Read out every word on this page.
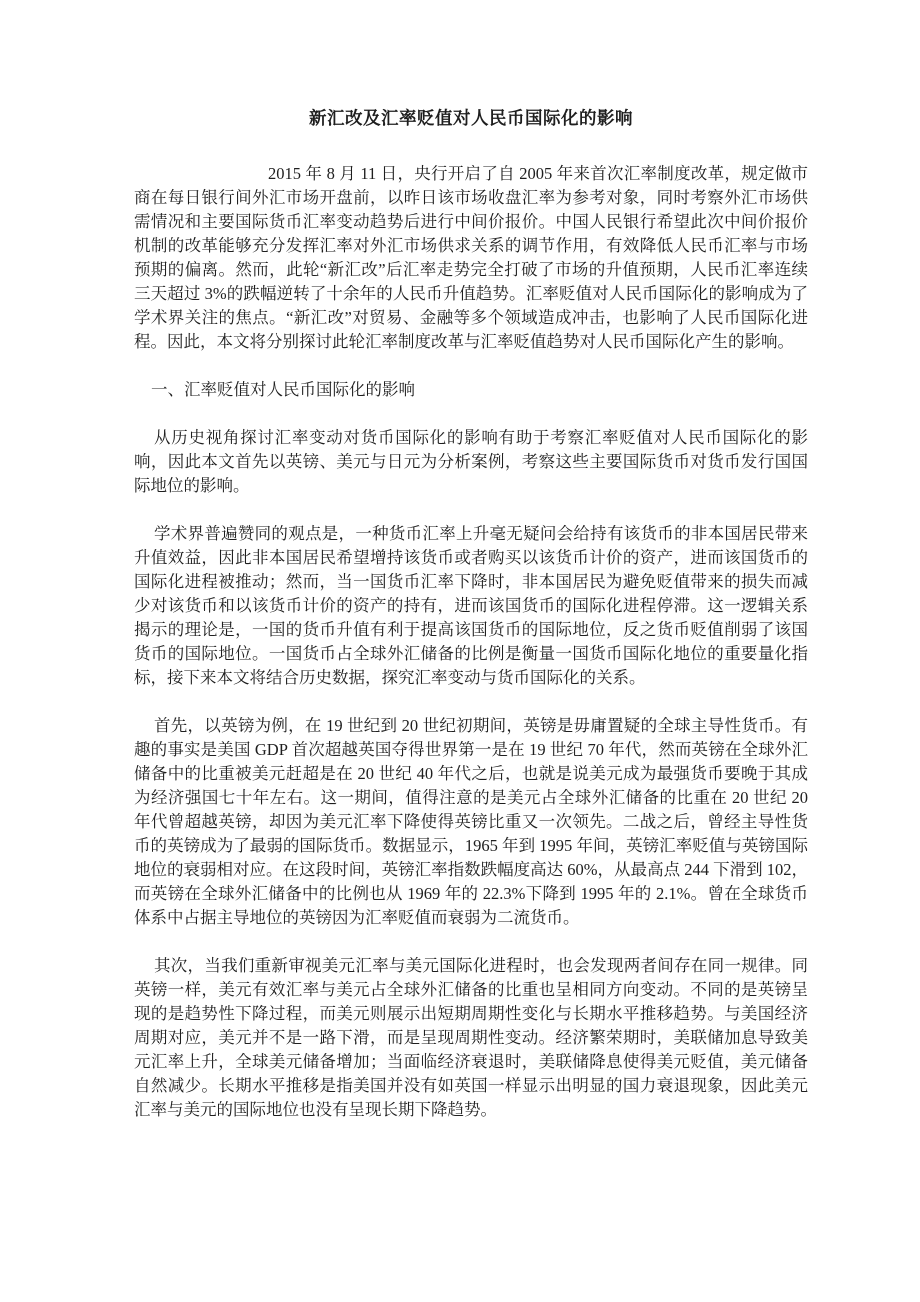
新汇改及汇率贬值对人民币国际化的影响

2015 年 8 月 11 日，央行开启了自 2005 年来首次汇率制度改革，规定做市商在每日银行间外汇市场开盘前，以昨日该市场收盘汇率为参考对象，同时考察外汇市场供需情况和主要国际货币汇率变动趋势后进行中间价报价。中国人民银行希望此次中间价报价机制的改革能够充分发挥汇率对外汇市场供求关系的调节作用，有效降低人民币汇率与市场预期的偏离。然而，此轮“新汇改”后汇率走势完全打破了市场的升值预期，人民币汇率连续三天超过 3%的跌幅逆转了十余年的人民币升值趋势。汇率贬值对人民币国际化的影响成为了学术界关注的焦点。“新汇改”对贸易、金融等多个领域造成冲击，也影响了人民币国际化进程。因此，本文将分别探讨此轮汇率制度改革与汇率贬值趋势对人民币国际化产生的影响。

一、汇率贬值对人民币国际化的影响

从历史视角探讨汇率变动对货币国际化的影响有助于考察汇率贬值对人民币国际化的影响，因此本文首先以英镑、美元与日元为分析案例，考察这些主要国际货币对货币发行国国际地位的影响。

学术界普遍赞同的观点是，一种货币汇率上升毫无疑问会给持有该货币的非本国居民带来升值效益，因此非本国居民希望增持该货币或者购买以该货币计价的资产，进而该国货币的国际化进程被推动；然而，当一国货币汇率下降时，非本国居民为避免贬值带来的损失而减少对该货币和以该货币计价的资产的持有，进而该国货币的国际化进程停滞。这一逻辑关系揭示的理论是，一国的货币升值有利于提高该国货币的国际地位，反之货币贬值削弱了该国货币的国际地位。一国货币占全球外汇储备的比例是衡量一国货币国际化地位的重要量化指标，接下来本文将结合历史数据，探究汇率变动与货币国际化的关系。

首先，以英镑为例，在 19 世纪到 20 世纪初期间，英镑是毋庸置疑的全球主导性货币。有趣的事实是美国 GDP 首次超越英国夺得世界第一是在 19 世纪 70 年代，然而英镑在全球外汇储备中的比重被美元赶超是在 20 世纪 40 年代之后，也就是说美元成为最强货币要晚于其成为经济强国七十年左右。这一期间，值得注意的是美元占全球外汇储备的比重在 20 世纪 20 年代曾超越英镑，却因为美元汇率下降使得英镑比重又一次领先。二战之后，曾经主导性货币的英镑成为了最弱的国际货币。数据显示，1965 年到 1995 年间，英镑汇率贬值与英镑国际地位的衰弱相对应。在这段时间，英镑汇率指数跌幅度高达 60%，从最高点 244 下滑到 102，而英镑在全球外汇储备中的比例也从 1969 年的 22.3%下降到 1995 年的 2.1%。曾在全球货币体系中占据主导地位的英镑因为汇率贬值而衰弱为二流货币。

其次，当我们重新审视美元汇率与美元国际化进程时，也会发现两者间存在同一规律。同英镑一样，美元有效汇率与美元占全球外汇储备的比重也呈相同方向变动。不同的是英镑呈现的是趋势性下降过程，而美元则展示出短期周期性变化与长期水平推移趋势。与美国经济周期对应，美元并不是一路下滑，而是呈现周期性变动。经济繁荣期时，美联储加息导致美元汇率上升，全球美元储备增加；当面临经济衰退时，美联储降息使得美元贬值，美元储备自然减少。长期水平推移是指美国并没有如英国一样显示出明显的国力衰退现象，因此美元汇率与美元的国际地位也没有呈现长期下降趋势。
